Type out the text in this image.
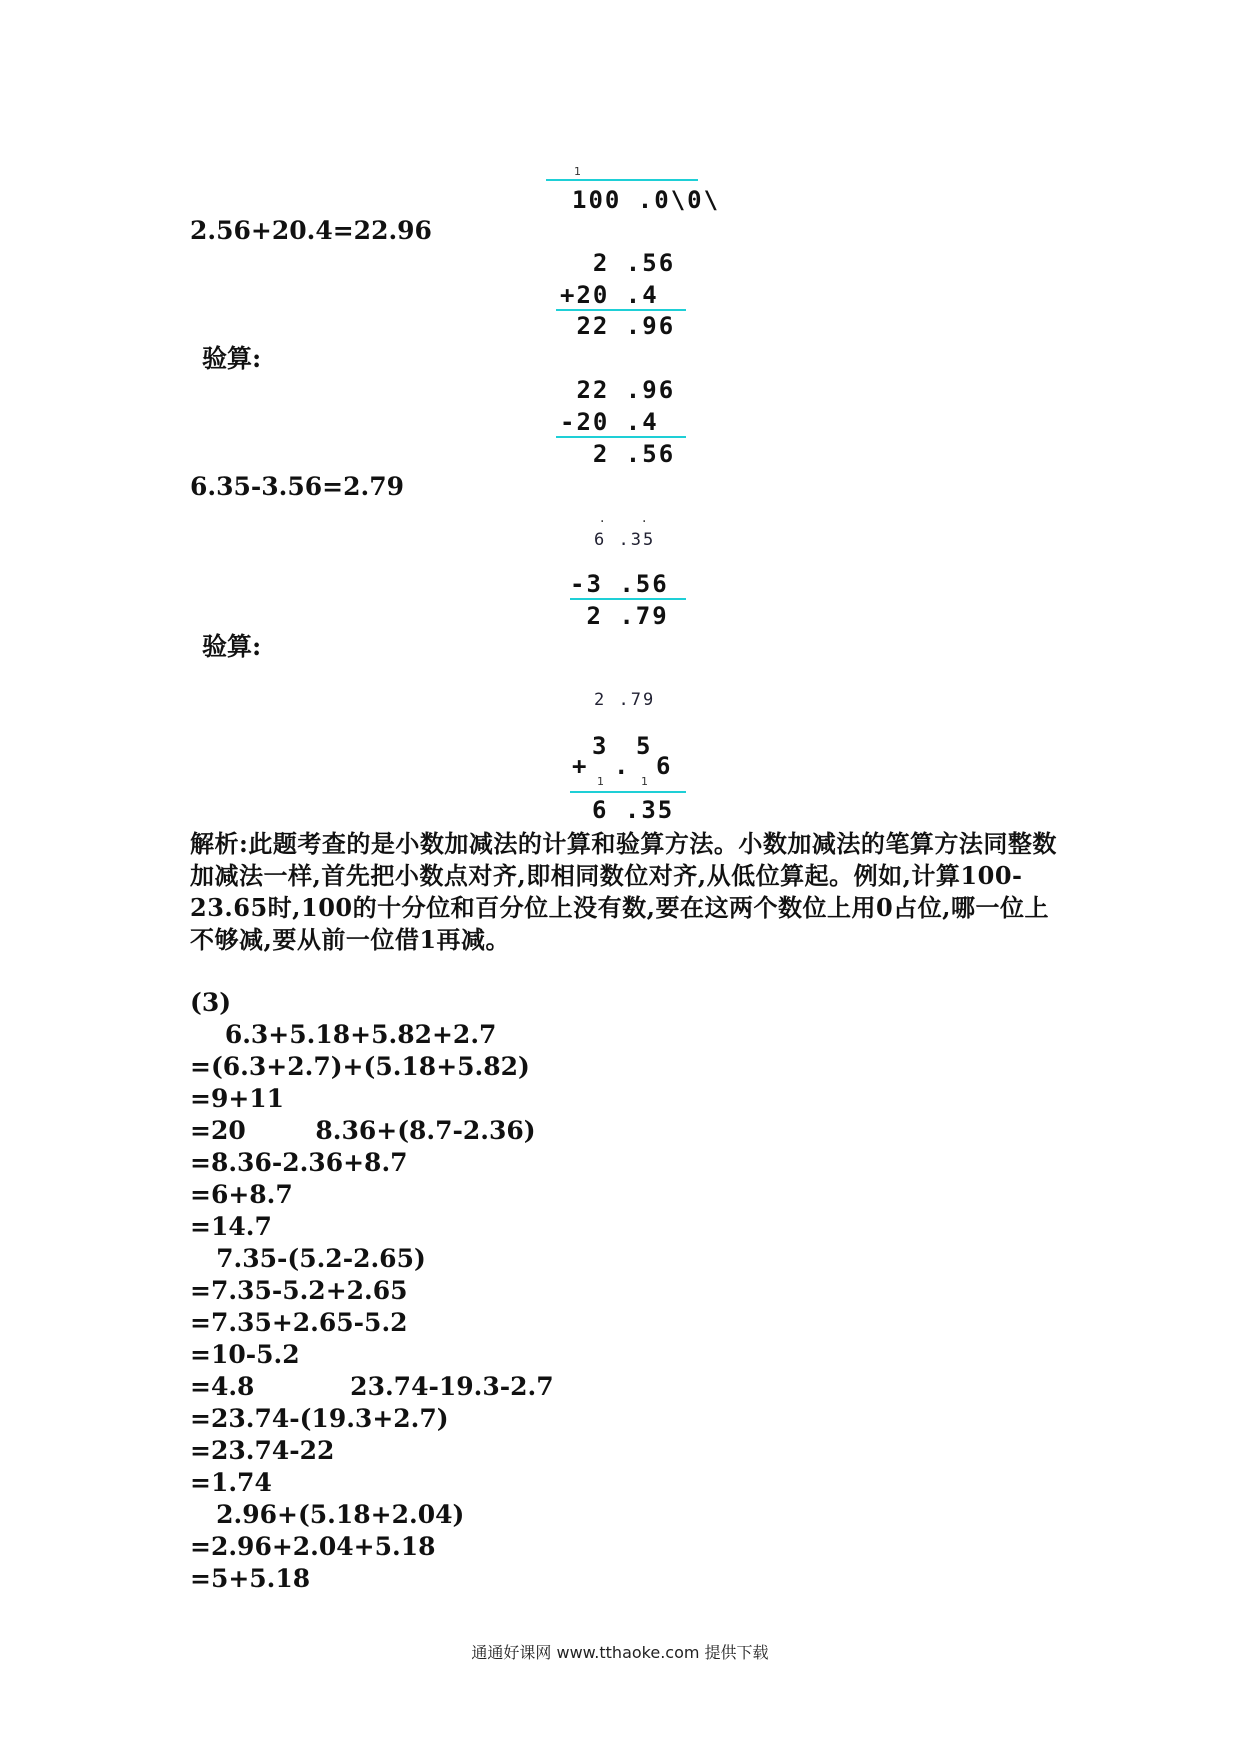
1
100 .0\0\
2.56+20.4=22.96
2 .56
+20 .4
22 .96
验算:
22 .96
-20 .4
2 .56
6.35-3.56=2.79
.	.
6 .35
-3 .56
2 .79
验算:
2 .79
3 5
+ . 6
1	1
6 .35
解析:此题考查的是小数加减法的计算和验算方法。小数加减法的笔算方法同整数加减法一样,首先把小数点对齐,即相同数位对齐,从低位算起。例如,计算100-23.65时,100的十分位和百分位上没有数,要在这两个数位上用0占位,哪一位上不够减,要从前一位借1再减。
(3)
6.3+5.18+5.82+2.7
=(6.3+2.7)+(5.18+5.82)
=9+11
=20        8.36+(8.7-2.36)
=8.36-2.36+8.7
=6+8.7
=14.7
7.35-(5.2-2.65)
=7.35-5.2+2.65
=7.35+2.65-5.2
=10-5.2
=4.8           23.74-19.3-2.7
=23.74-(19.3+2.7)
=23.74-22
=1.74
2.96+(5.18+2.04)
=2.96+2.04+5.18
=5+5.18
通通好课网 www.tthaoke.com 提供下载
